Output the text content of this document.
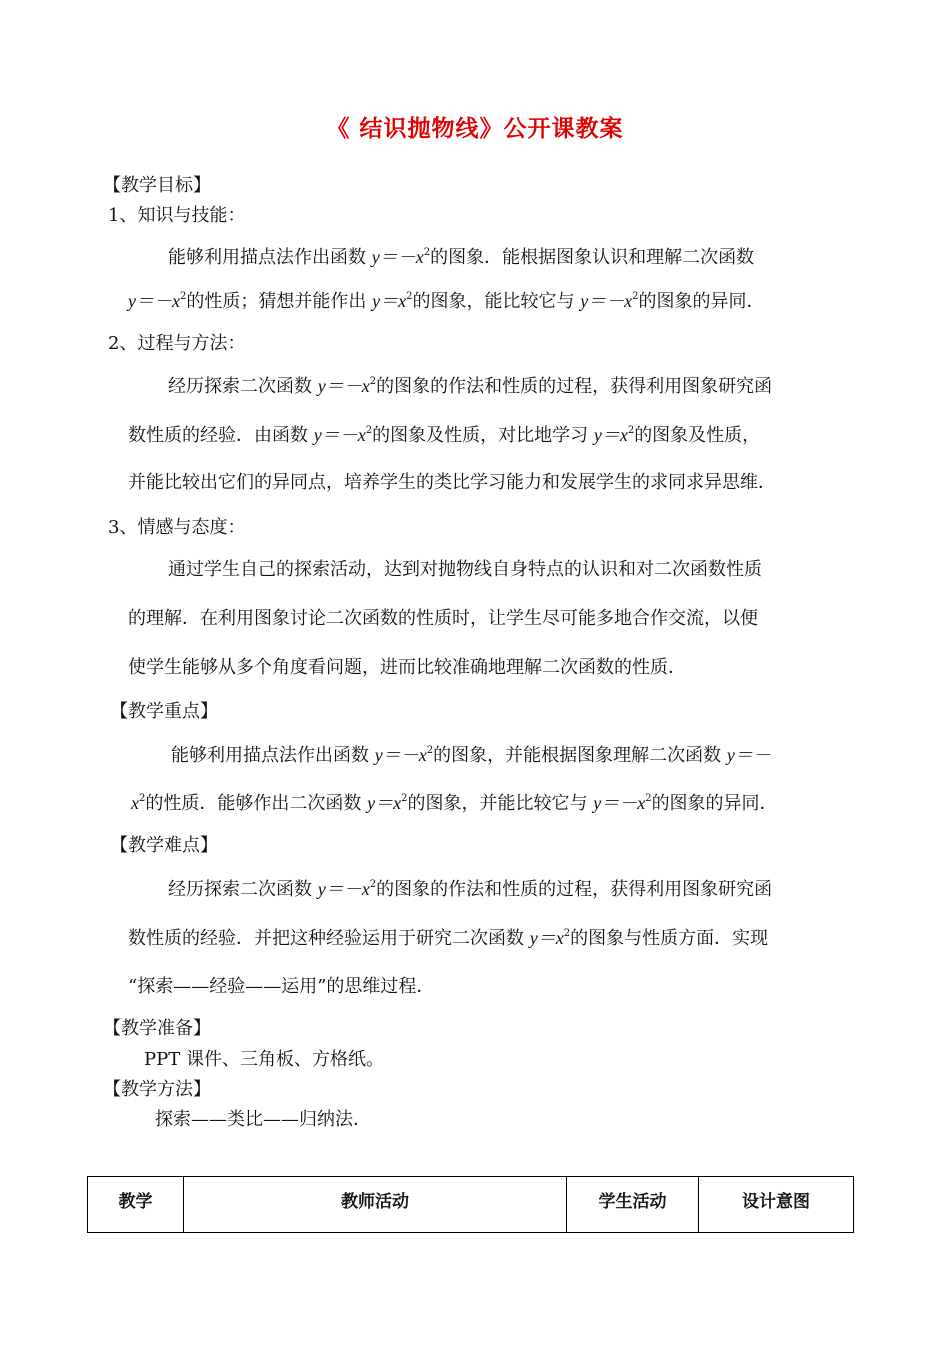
《 结识抛物线》公开课教案
【教学目标】
1、知识与技能：
能够利用描点法作出函数 $y=-x^2$的图象．能根据图象认识和理解二次函数
$y=-x^2$的性质；猜想并能作出 $y=x^2$的图象，能比较它与 $y=-x^2$的图象的异同．
2、过程与方法：
经历探索二次函数 $y=-x^2$的图象的作法和性质的过程，获得利用图象研究函
数性质的经验．由函数 $y=-x^2$的图象及性质，对比地学习 $y=x^2$的图象及性质，
并能比较出它们的异同点，培养学生的类比学习能力和发展学生的求同求异思维．
3、情感与态度：
通过学生自己的探索活动，达到对抛物线自身特点的认识和对二次函数性质
的理解．在利用图象讨论二次函数的性质时，让学生尽可能多地合作交流，以便
使学生能够从多个角度看问题，进而比较准确地理解二次函数的性质．
【教学重点】
能够利用描点法作出函数 $y=-x^2$的图象，并能根据图象理解二次函数 y＝－
$x^2$的性质．能够作出二次函数 $y=x^2$的图象，并能比较它与 $y=-x^2$的图象的异同．
【教学难点】
经历探索二次函数 $y=-x^2$的图象的作法和性质的过程，获得利用图象研究函
数性质的经验．并把这种经验运用于研究二次函数 $y=x^2$的图象与性质方面．实现
“探索——经验——运用”的思维过程．
【教学准备】
PPT 课件、三角板、方格纸。
【教学方法】
探索——类比——归纳法．
教学	教师活动	学生活动	设计意图
